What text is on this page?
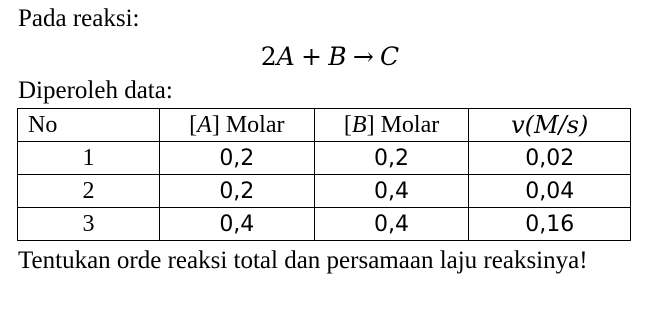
Pada reaksi:
2A + B → C
Diperoleh data:
No	[A] Molar	[B] Molar	v(M/s)
1	0,2	0,2	0,02
2	0,2	0,4	0,04
3	0,4	0,4	0,16
Tentukan orde reaksi total dan persamaan laju reaksinya!
